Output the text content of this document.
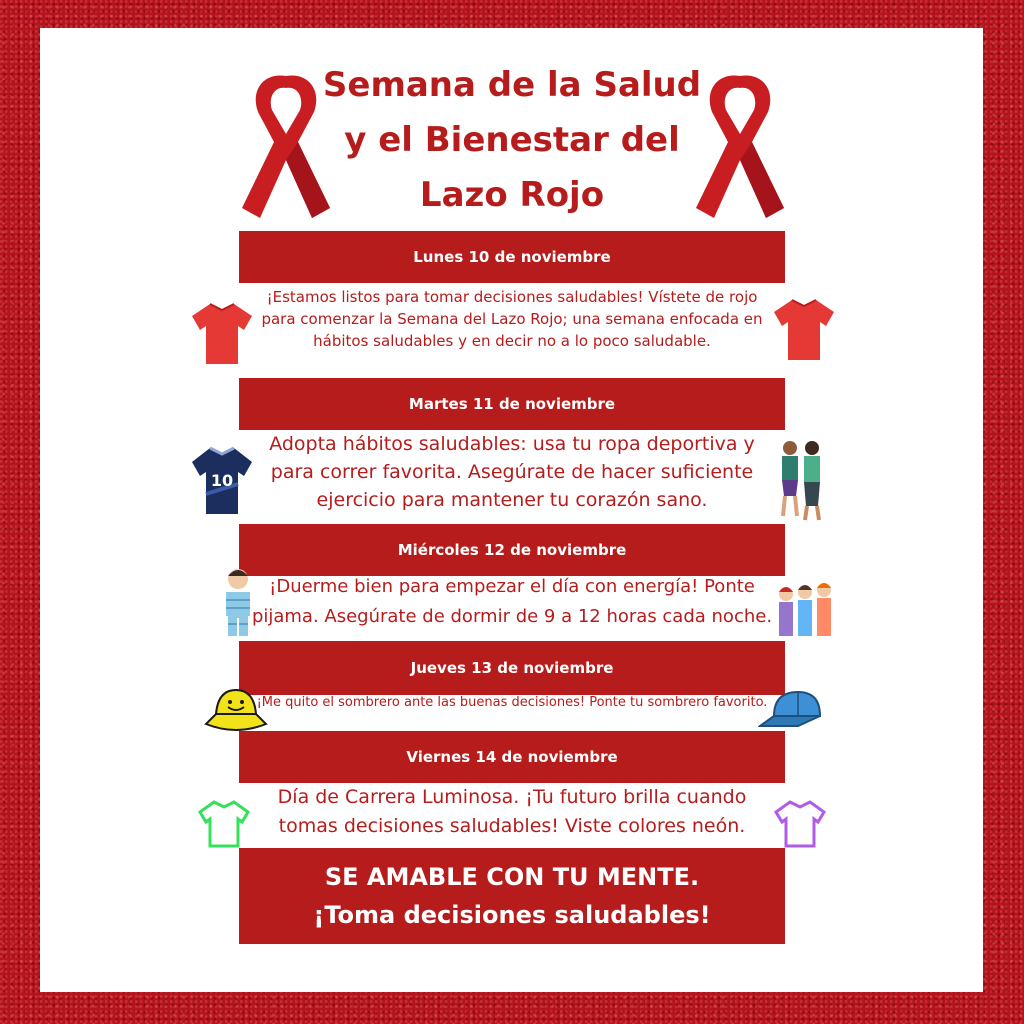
Semana de la Salud
y el Bienestar del
Lazo Rojo
Lunes 10 de noviembre
¡Estamos listos para tomar decisiones saludables! Vístete de rojo
para comenzar la Semana del Lazo Rojo; una semana enfocada en
hábitos saludables y en decir no a lo poco saludable.
Martes 11 de noviembre
Adopta hábitos saludables: usa tu ropa deportiva y
para correr favorita. Asegúrate de hacer suficiente
ejercicio para mantener tu corazón sano.
Miércoles 12 de noviembre
¡Duerme bien para empezar el día con energía! Ponte
pijama. Asegúrate de dormir de 9 a 12 horas cada noche.
Jueves 13 de noviembre
¡Me quito el sombrero ante las buenas decisiones! Ponte tu sombrero favorito.
Viernes 14 de noviembre
Día de Carrera Luminosa. ¡Tu futuro brilla cuando
tomas decisiones saludables! Viste colores neón.
SE AMABLE CON TU MENTE.
¡Toma decisiones saludables!
10
